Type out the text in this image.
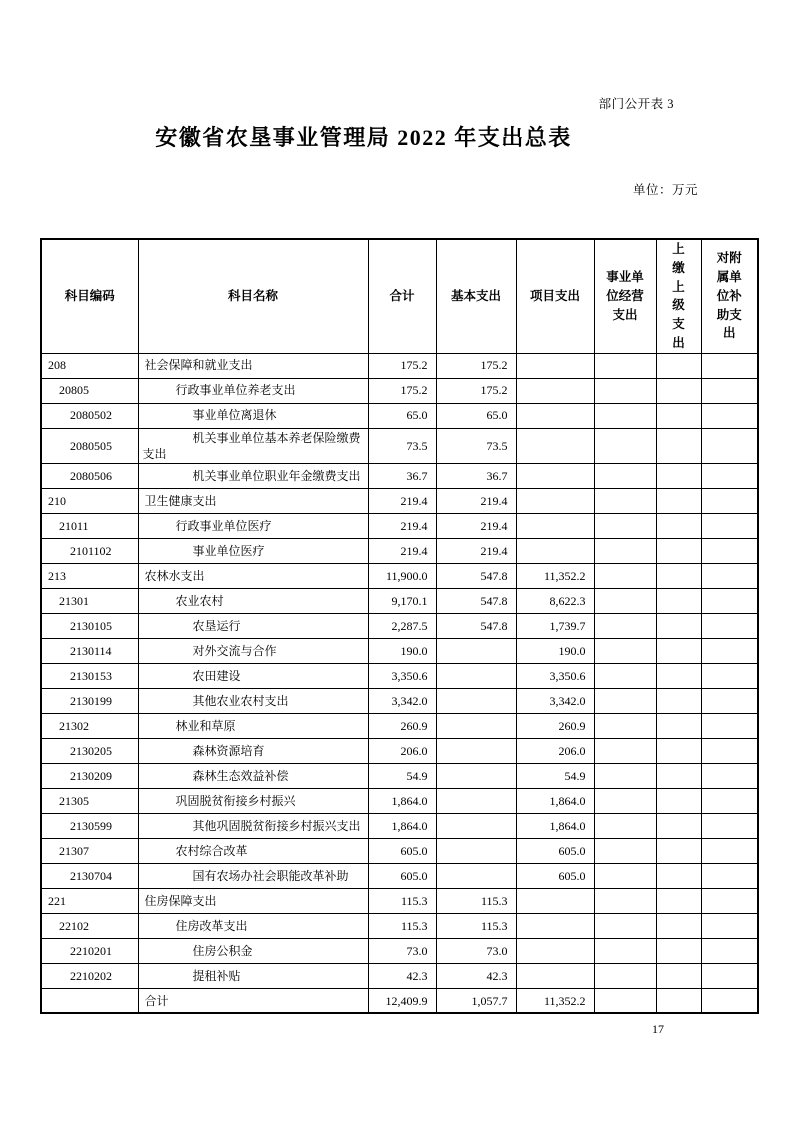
部门公开表 3
安徽省农垦事业管理局 2022 年支出总表
单位：万元
科目编码	科目名称	合计	基本支出	项目支出	事业单位经营支出	上缴上级支出	对附属单位补助支出
208	社会保障和就业支出	175.2	175.2				
20805	行政事业单位养老支出	175.2	175.2				
2080502	事业单位离退休	65.0	65.0				
2080505	机关事业单位基本养老保险缴费支出	73.5	73.5				
2080506	机关事业单位职业年金缴费支出	36.7	36.7				
210	卫生健康支出	219.4	219.4				
21011	行政事业单位医疗	219.4	219.4				
2101102	事业单位医疗	219.4	219.4				
213	农林水支出	11,900.0	547.8	11,352.2			
21301	农业农村	9,170.1	547.8	8,622.3			
2130105	农垦运行	2,287.5	547.8	1,739.7			
2130114	对外交流与合作	190.0		190.0			
2130153	农田建设	3,350.6		3,350.6			
2130199	其他农业农村支出	3,342.0		3,342.0			
21302	林业和草原	260.9		260.9			
2130205	森林资源培育	206.0		206.0			
2130209	森林生态效益补偿	54.9		54.9			
21305	巩固脱贫衔接乡村振兴	1,864.0		1,864.0			
2130599	其他巩固脱贫衔接乡村振兴支出	1,864.0		1,864.0			
21307	农村综合改革	605.0		605.0			
2130704	国有农场办社会职能改革补助	605.0		605.0			
221	住房保障支出	115.3	115.3				
22102	住房改革支出	115.3	115.3				
2210201	住房公积金	73.0	73.0				
2210202	提租补贴	42.3	42.3				
	合计	12,409.9	1,057.7	11,352.2			
17
